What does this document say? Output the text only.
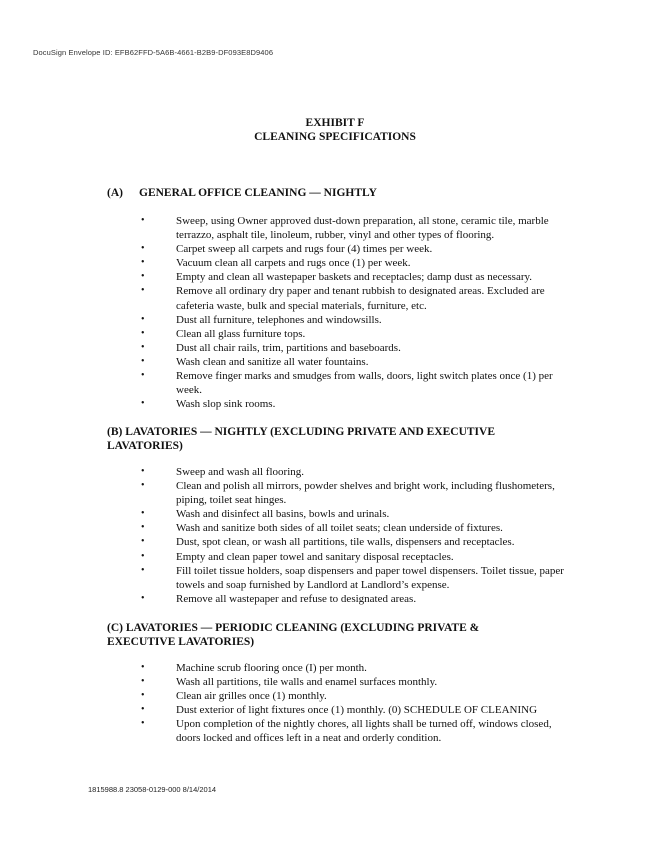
DocuSign Envelope ID: EFB62FFD-5A6B-4661-B2B9-DF093E8D9406
EXHIBIT F
CLEANING SPECIFICATIONS
(A) GENERAL OFFICE CLEANING — NIGHTLY
•	Sweep, using Owner approved dust-down preparation, all stone, ceramic tile, marble terrazzo, asphalt tile, linoleum, rubber, vinyl and other types of flooring.
•	Carpet sweep all carpets and rugs four (4) times per week.
•	Vacuum clean all carpets and rugs once (1) per week.
•	Empty and clean all wastepaper baskets and receptacles; damp dust as necessary.
•	Remove all ordinary dry paper and tenant rubbish to designated areas. Excluded are cafeteria waste, bulk and special materials, furniture, etc.
•	Dust all furniture, telephones and windowsills.
•	Clean all glass furniture tops.
•	Dust all chair rails, trim, partitions and baseboards.
•	Wash clean and sanitize all water fountains.
•	Remove finger marks and smudges from walls, doors, light switch plates once (1) per week.
•	Wash slop sink rooms.
(B) LAVATORIES — NIGHTLY (EXCLUDING PRIVATE AND EXECUTIVE LAVATORIES)
•	Sweep and wash all flooring.
•	Clean and polish all mirrors, powder shelves and bright work, including flushometers, piping, toilet seat hinges.
•	Wash and disinfect all basins, bowls and urinals.
•	Wash and sanitize both sides of all toilet seats; clean underside of fixtures.
•	Dust, spot clean, or wash all partitions, tile walls, dispensers and receptacles.
•	Empty and clean paper towel and sanitary disposal receptacles.
•	Fill toilet tissue holders, soap dispensers and paper towel dispensers. Toilet tissue, paper towels and soap furnished by Landlord at Landlord’s expense.
•	Remove all wastepaper and refuse to designated areas.
(C) LAVATORIES — PERIODIC CLEANING (EXCLUDING PRIVATE & EXECUTIVE LAVATORIES)
•	Machine scrub flooring once (I) per month.
•	Wash all partitions, tile walls and enamel surfaces monthly.
•	Clean air grilles once (1) monthly.
•	Dust exterior of light fixtures once (1) monthly. (0) SCHEDULE OF CLEANING
•	Upon completion of the nightly chores, all lights shall be turned off, windows closed, doors locked and offices left in a neat and orderly condition.
1815988.8 23058-0129-000 8/14/2014
